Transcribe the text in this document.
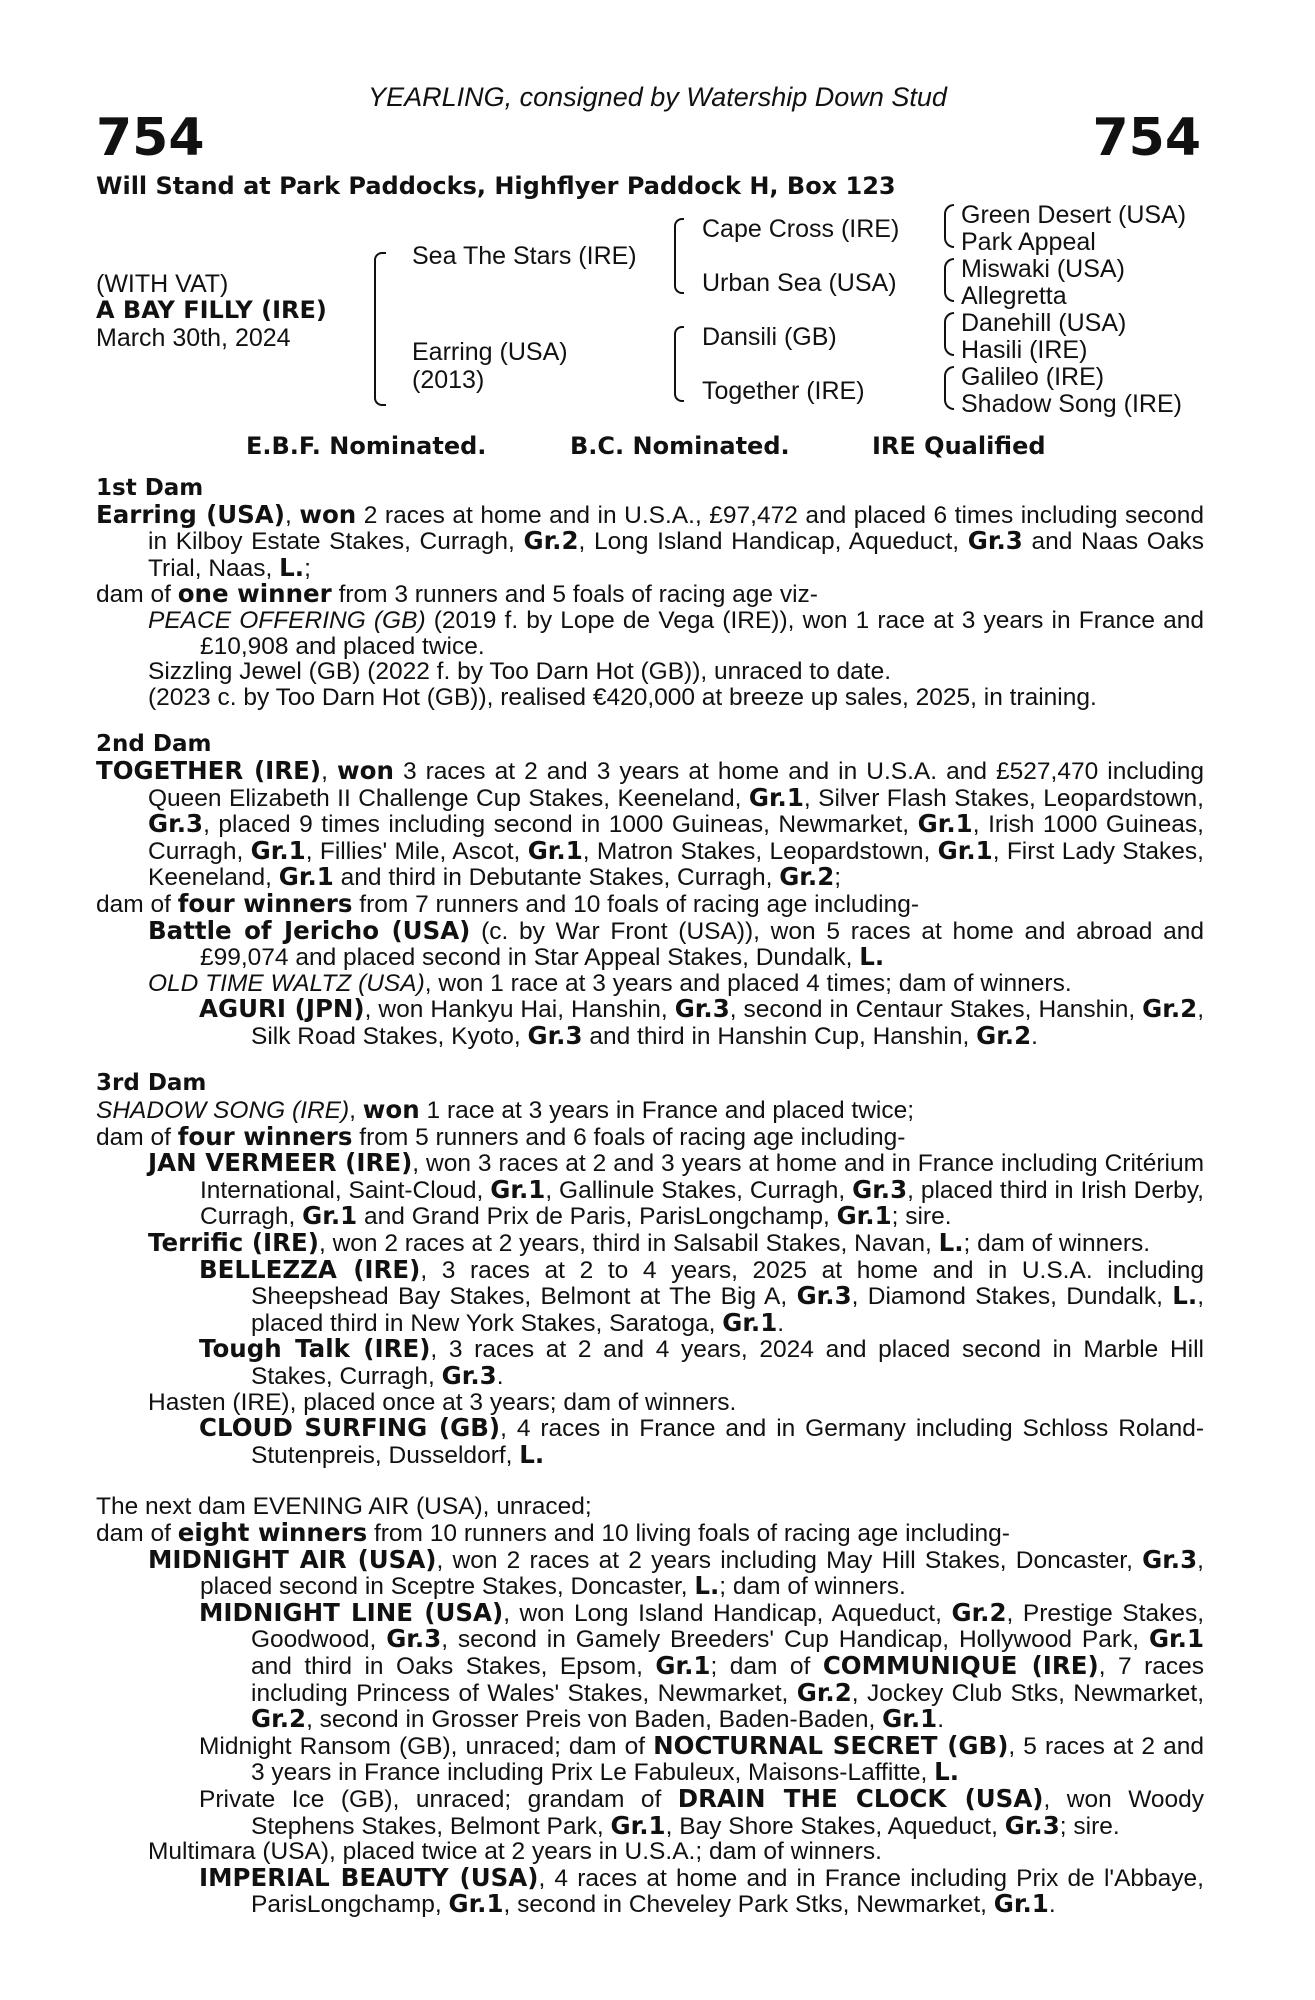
YEARLING, consigned by Watership Down Stud
754	754
Will Stand at Park Paddocks, Highflyer Paddock H, Box 123
(WITH VAT)
A BAY FILLY (IRE)
March 30th, 2024
Sea The Stars (IRE)
Earring (USA)
(2013)
Cape Cross (IRE)
Urban Sea (USA)
Dansili (GB)
Together (IRE)
Green Desert (USA)
Park Appeal
Miswaki (USA)
Allegretta
Danehill (USA)
Hasili (IRE)
Galileo (IRE)
Shadow Song (IRE)
E.B.F. Nominated.	B.C. Nominated.	IRE Qualified
1st Dam

Earring (USA), won 2 races at home and in U.S.A., £97,472 and placed 6 times including second in Kilboy Estate Stakes, Curragh, Gr.2, Long Island Handicap, Aqueduct, Gr.3 and Naas Oaks Trial, Naas, L.;

dam of one winner from 3 runners and 5 foals of racing age viz-

PEACE OFFERING (GB) (2019 f. by Lope de Vega (IRE)), won 1 race at 3 years in France and £10,908 and placed twice.

Sizzling Jewel (GB) (2022 f. by Too Darn Hot (GB)), unraced to date.

(2023 c. by Too Darn Hot (GB)), realised €420,000 at breeze up sales, 2025, in training.

2nd Dam

TOGETHER (IRE), won 3 races at 2 and 3 years at home and in U.S.A. and £527,470 including Queen Elizabeth II Challenge Cup Stakes, Keeneland, Gr.1, Silver Flash Stakes, Leopardstown, Gr.3, placed 9 times including second in 1000 Guineas, Newmarket, Gr.1, Irish 1000 Guineas, Curragh, Gr.1, Fillies' Mile, Ascot, Gr.1, Matron Stakes, Leopardstown, Gr.1, First Lady Stakes, Keeneland, Gr.1 and third in Debutante Stakes, Curragh, Gr.2;

dam of four winners from 7 runners and 10 foals of racing age including-

Battle of Jericho (USA) (c. by War Front (USA)), won 5 races at home and abroad and £99,074 and placed second in Star Appeal Stakes, Dundalk, L.

OLD TIME WALTZ (USA), won 1 race at 3 years and placed 4 times; dam of winners.

AGURI (JPN), won Hankyu Hai, Hanshin, Gr.3, second in Centaur Stakes, Hanshin, Gr.2, Silk Road Stakes, Kyoto, Gr.3 and third in Hanshin Cup, Hanshin, Gr.2.

3rd Dam

SHADOW SONG (IRE), won 1 race at 3 years in France and placed twice;

dam of four winners from 5 runners and 6 foals of racing age including-

JAN VERMEER (IRE), won 3 races at 2 and 3 years at home and in France including Critérium International, Saint-Cloud, Gr.1, Gallinule Stakes, Curragh, Gr.3, placed third in Irish Derby, Curragh, Gr.1 and Grand Prix de Paris, ParisLongchamp, Gr.1; sire.

Terrific (IRE), won 2 races at 2 years, third in Salsabil Stakes, Navan, L.; dam of winners.

BELLEZZA (IRE), 3 races at 2 to 4 years, 2025 at home and in U.S.A. including Sheepshead Bay Stakes, Belmont at The Big A, Gr.3, Diamond Stakes, Dundalk, L., placed third in New York Stakes, Saratoga, Gr.1.

Tough Talk (IRE), 3 races at 2 and 4 years, 2024 and placed second in Marble Hill Stakes, Curragh, Gr.3.

Hasten (IRE), placed once at 3 years; dam of winners.

CLOUD SURFING (GB), 4 races in France and in Germany including Schloss Roland-Stutenpreis, Dusseldorf, L.

The next dam EVENING AIR (USA), unraced;

dam of eight winners from 10 runners and 10 living foals of racing age including-

MIDNIGHT AIR (USA), won 2 races at 2 years including May Hill Stakes, Doncaster, Gr.3, placed second in Sceptre Stakes, Doncaster, L.; dam of winners.

MIDNIGHT LINE (USA), won Long Island Handicap, Aqueduct, Gr.2, Prestige Stakes, Goodwood, Gr.3, second in Gamely Breeders' Cup Handicap, Hollywood Park, Gr.1 and third in Oaks Stakes, Epsom, Gr.1; dam of COMMUNIQUE (IRE), 7 races including Princess of Wales' Stakes, Newmarket, Gr.2, Jockey Club Stks, Newmarket, Gr.2, second in Grosser Preis von Baden, Baden-Baden, Gr.1.

Midnight Ransom (GB), unraced; dam of NOCTURNAL SECRET (GB), 5 races at 2 and 3 years in France including Prix Le Fabuleux, Maisons-Laffitte, L.

Private Ice (GB), unraced; grandam of DRAIN THE CLOCK (USA), won Woody Stephens Stakes, Belmont Park, Gr.1, Bay Shore Stakes, Aqueduct, Gr.3; sire.

Multimara (USA), placed twice at 2 years in U.S.A.; dam of winners.

IMPERIAL BEAUTY (USA), 4 races at home and in France including Prix de l'Abbaye, ParisLongchamp, Gr.1, second in Cheveley Park Stks, Newmarket, Gr.1.
